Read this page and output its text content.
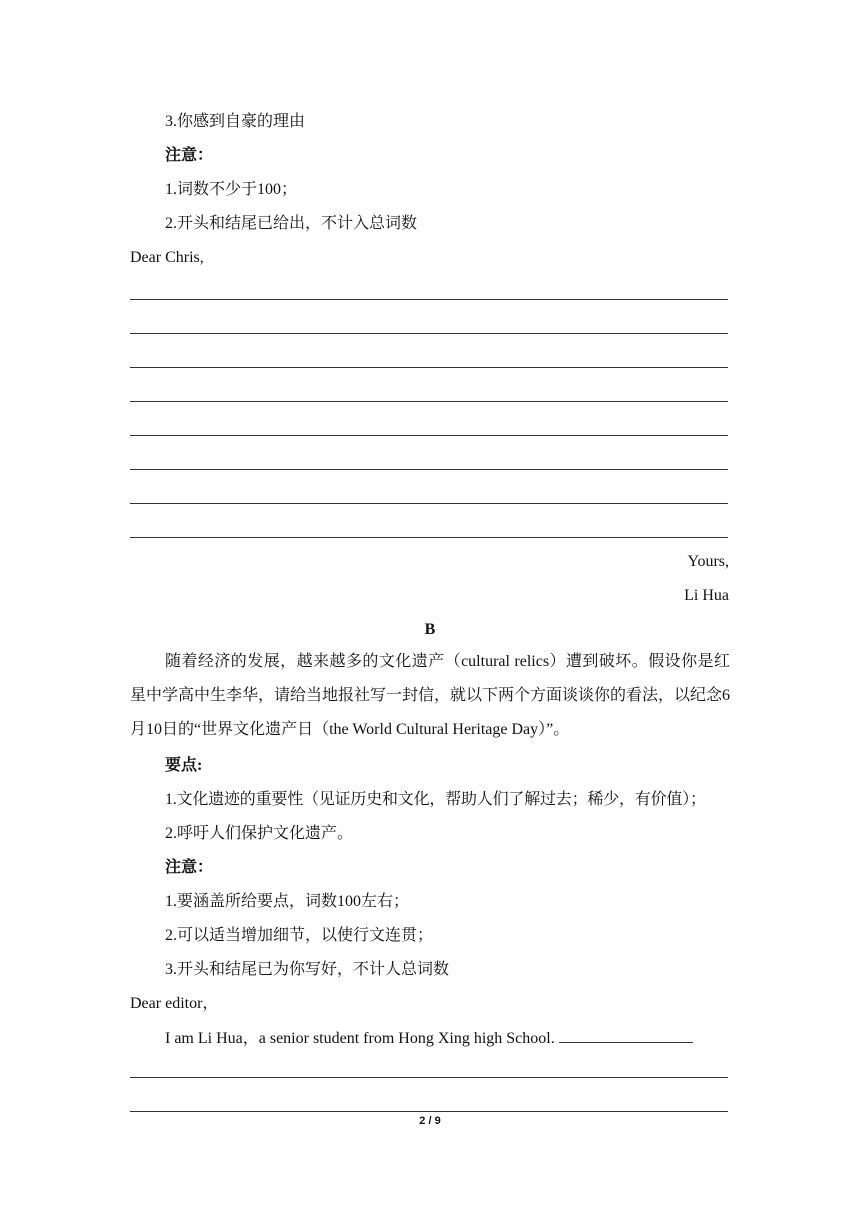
3.你感到自豪的理由
注意：
1.词数不少于100；
2.开头和结尾已给出，不计入总词数
Dear Chris,
Yours,
Li Hua
B
随着经济的发展，越来越多的文化遗产（cultural relics）遭到破坏。假设你是红星中学高中生李华，请给当地报社写一封信，就以下两个方面谈谈你的看法，以纪念6月10日的“世界文化遗产日（the World Cultural Heritage Day）”。
要点:
1.文化遗迹的重要性（见证历史和文化，帮助人们了解过去；稀少，有价值）；
2.呼吁人们保护文化遗产。
注意：
1.要涵盖所给要点，词数100左右；
2.可以适当增加细节，以使行文连贯；
3.开头和结尾已为你写好，不计人总词数
Dear editor，
I am Li Hua，a senior student from Hong Xing high School.
2 / 9
